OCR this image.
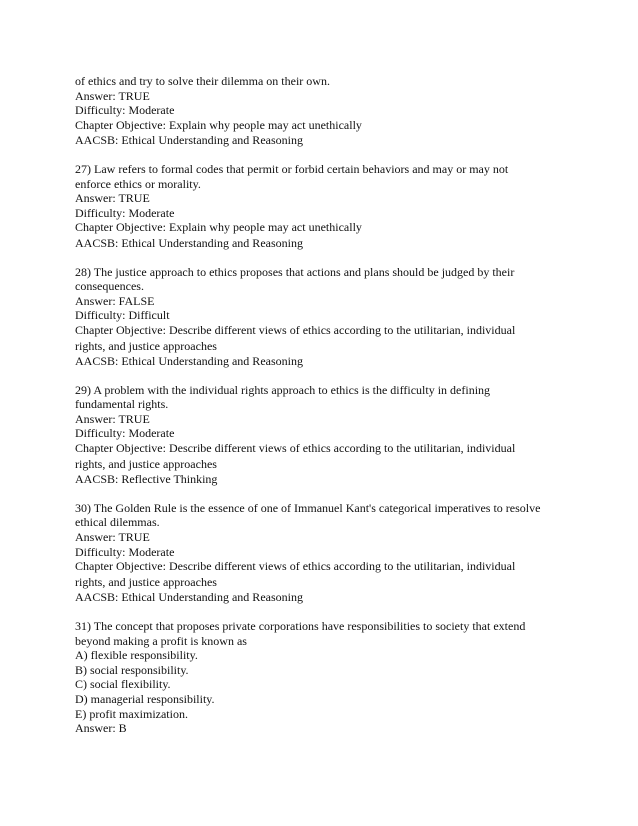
of ethics and try to solve their dilemma on their own.
Answer: TRUE
Difficulty: Moderate
Chapter Objective: Explain why people may act unethically
AACSB: Ethical Understanding and Reasoning
27) Law refers to formal codes that permit or forbid certain behaviors and may or may not
enforce ethics or morality.
Answer: TRUE
Difficulty: Moderate
Chapter Objective: Explain why people may act unethically
AACSB: Ethical Understanding and Reasoning
28) The justice approach to ethics proposes that actions and plans should be judged by their
consequences.
Answer: FALSE
Difficulty: Difficult
Chapter Objective: Describe different views of ethics according to the utilitarian, individual
rights, and justice approaches
AACSB: Ethical Understanding and Reasoning
29) A problem with the individual rights approach to ethics is the difficulty in defining
fundamental rights.
Answer: TRUE
Difficulty: Moderate
Chapter Objective: Describe different views of ethics according to the utilitarian, individual
rights, and justice approaches
AACSB: Reflective Thinking
30) The Golden Rule is the essence of one of Immanuel Kant's categorical imperatives to resolve
ethical dilemmas.
Answer: TRUE
Difficulty: Moderate
Chapter Objective: Describe different views of ethics according to the utilitarian, individual
rights, and justice approaches
AACSB: Ethical Understanding and Reasoning
31) The concept that proposes private corporations have responsibilities to society that extend
beyond making a profit is known as
A) flexible responsibility.
B) social responsibility.
C) social flexibility.
D) managerial responsibility.
E) profit maximization.
Answer: B
